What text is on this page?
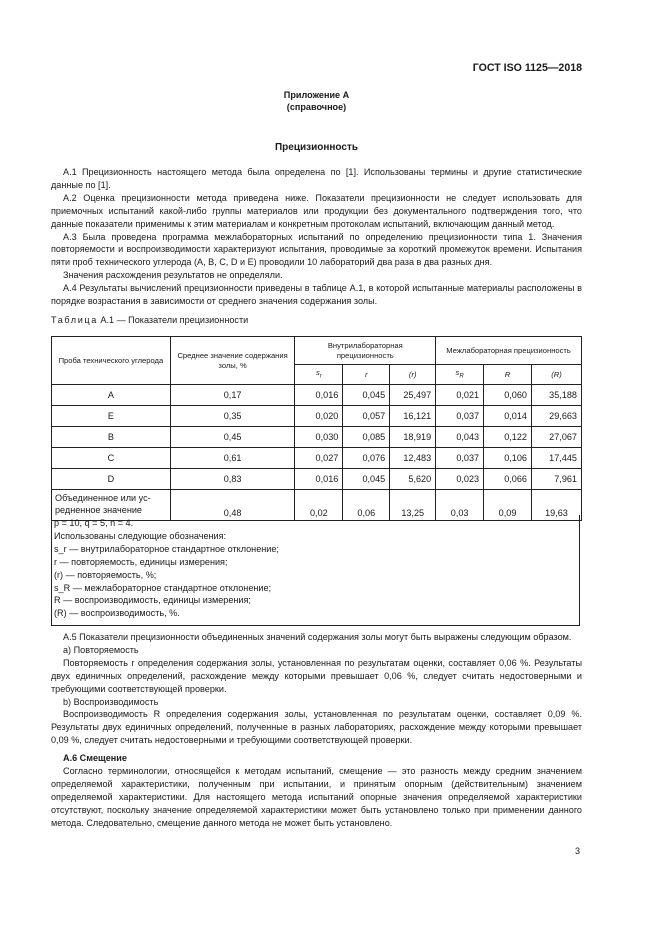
ГОСТ ISO 1125—2018
Приложение А
(справочное)
Прецизионность

А.1 Прецизионность настоящего метода была определена по [1]. Использованы термины и другие статистические данные по [1].

А.2 Оценка прецизионности метода приведена ниже. Показатели прецизионности не следует использовать для приемочных испытаний какой-либо группы материалов или продукции без документального подтверждения того, что данные показатели применимы к этим материалам и конкретным протоколам испытаний, включающим данный метод.

А.3 Была проведена программа межлабораторных испытаний по определению прецизионности типа 1. Значения повторяемости и воспроизводимости характеризуют испытания, проводимые за короткий промежуток времени. Испытания пяти проб технического углерода (А, В, С, D и Е) проводили 10 лабораторий два раза в два разных дня.

Значения расхождения результатов не определяли.

А.4 Результаты вычислений прецизионности приведены в таблице А.1, в которой испытанные материалы расположены в порядке возрастания в зависимости от среднего значения содержания золы.

Таблица А.1 — Показатели прецизионности
Проба технического углерода	Среднее значение содержания золы, %	Внутрилабораторная прецизионность			Межлабораторная прецизионность		
		$s_r$	r	(r)	$s_R$	R	(R)
A	0,17	0,016	0,045	25,497	0,021	0,060	35,188
E	0,35	0,020	0,057	16,121	0,037	0,014	29,663
B	0,45	0,030	0,085	18,919	0,043	0,122	27,067
C	0,61	0,027	0,076	12,483	0,037	0,106	17,445
D	0,83	0,016	0,045	5,620	0,023	0,066	7,961

Объединенное или ус-
редненное значение	0,48	0,02	0,06	13,25	0,03	0,09	19,63
p = 10, q = 5, n = 4.
Использованы следующие обозначения:
s_r — внутрилабораторное стандартное отклонение;
r — повторяемость, единицы измерения;
(r) — повторяемость, %;
s_R — межлабораторное стандартное отклонение;
R — воспроизводимость, единицы измерения;
(R) — воспроизводимость, %.

А.5 Показатели прецизионности объединенных значений содержания золы могут быть выражены следующим образом.

a) Повторяемость

Повторяемость r определения содержания золы, установленная по результатам оценки, составляет 0,06 %. Результаты двух единичных определений, расхождение между которыми превышает 0,06 %, следует считать недостоверными и требующими соответствующей проверки.

b) Воспроизводимость

Воспроизводимость R определения содержания золы, установленная по результатам оценки, составляет 0,09 %. Результаты двух единичных определений, полученные в разных лабораториях, расхождение между которыми превышает 0,09 %, следует считать недостоверными и требующими соответствующей проверки.

А.6 Смещение

Согласно терминологии, относящейся к методам испытаний, смещение — это разность между средним значением определяемой характеристики, полученным при испытании, и принятым опорным (действительным) значением определяемой характеристики. Для настоящего метода испытаний опорные значения определяемой характеристики отсутствуют, поскольку значение определяемой характеристики может быть установлено только при применении данного метода. Следовательно, смещение данного метода не может быть установлено.

3
